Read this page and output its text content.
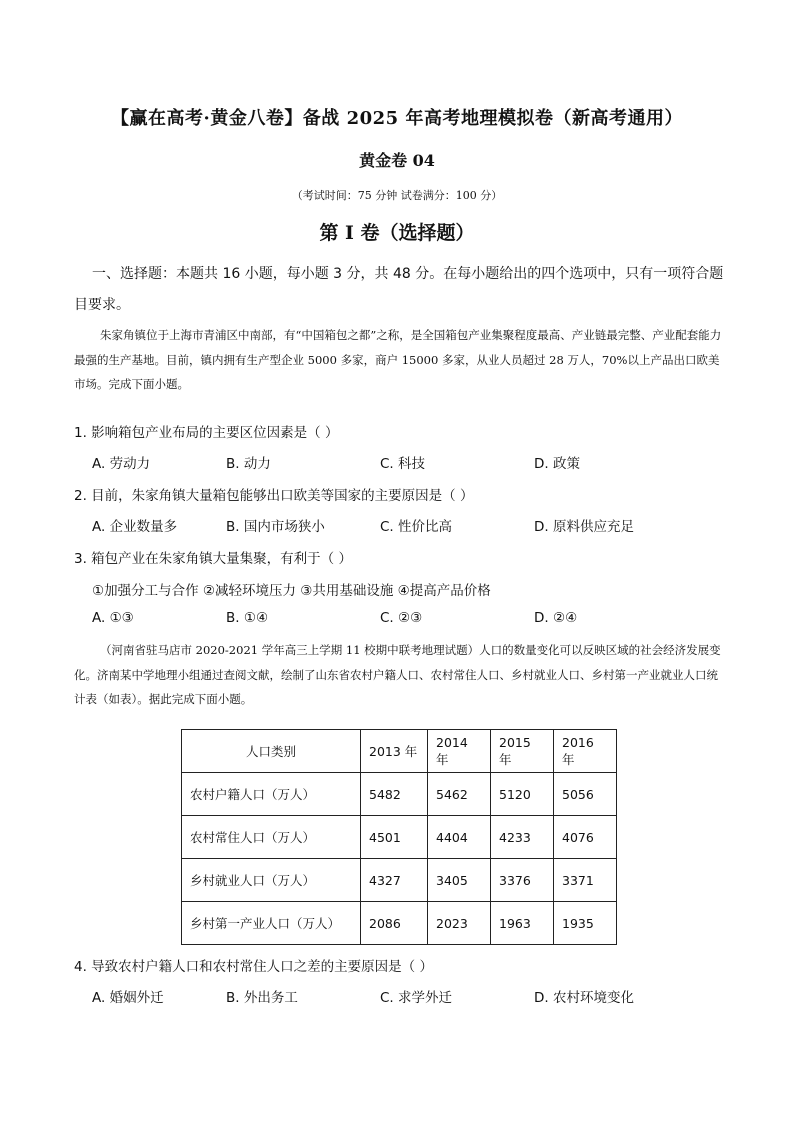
【赢在高考·黄金八卷】备战 2025 年高考地理模拟卷（新高考通用）
黄金卷 04
（考试时间：75 分钟 试卷满分：100 分）
第 I 卷（选择题）
一、选择题：本题共 16 小题，每小题 3 分，共 48 分。在每小题给出的四个选项中，只有一项符合题目要求。
朱家角镇位于上海市青浦区中南部，有“中国箱包之都”之称，是全国箱包产业集聚程度最高、产业链最完整、产业配套能力最强的生产基地。目前，镇内拥有生产型企业 5000 多家，商户 15000 多家，从业人员超过 28 万人，70%以上产品出口欧美市场。完成下面小题。
1. 影响箱包产业布局的主要区位因素是（ ）
A. 劳动力	B. 动力	C. 科技	D. 政策
2. 目前，朱家角镇大量箱包能够出口欧美等国家的主要原因是（ ）
A. 企业数量多	B. 国内市场狭小	C. 性价比高	D. 原料供应充足
3. 箱包产业在朱家角镇大量集聚，有利于（ ）
①加强分工与合作 ②减轻环境压力 ③共用基础设施 ④提高产品价格
A. ①③	B. ①④	C. ②③	D. ②④
（河南省驻马店市 2020-2021 学年高三上学期 11 校期中联考地理试题）人口的数量变化可以反映区域的社会经济发展变化。济南某中学地理小组通过查阅文献，绘制了山东省农村户籍人口、农村常住人口、乡村就业人口、乡村第一产业就业人口统计表（如表）。据此完成下面小题。
人口类别	2013 年	2014 年	2015 年	2016 年
农村户籍人口（万人）	5482	5462	5120	5056
农村常住人口（万人）	4501	4404	4233	4076
乡村就业人口（万人）	4327	3405	3376	3371
乡村第一产业人口（万人）	2086	2023	1963	1935
4. 导致农村户籍人口和农村常住人口之差的主要原因是（ ）
A. 婚姻外迁	B. 外出务工	C. 求学外迁	D. 农村环境变化
